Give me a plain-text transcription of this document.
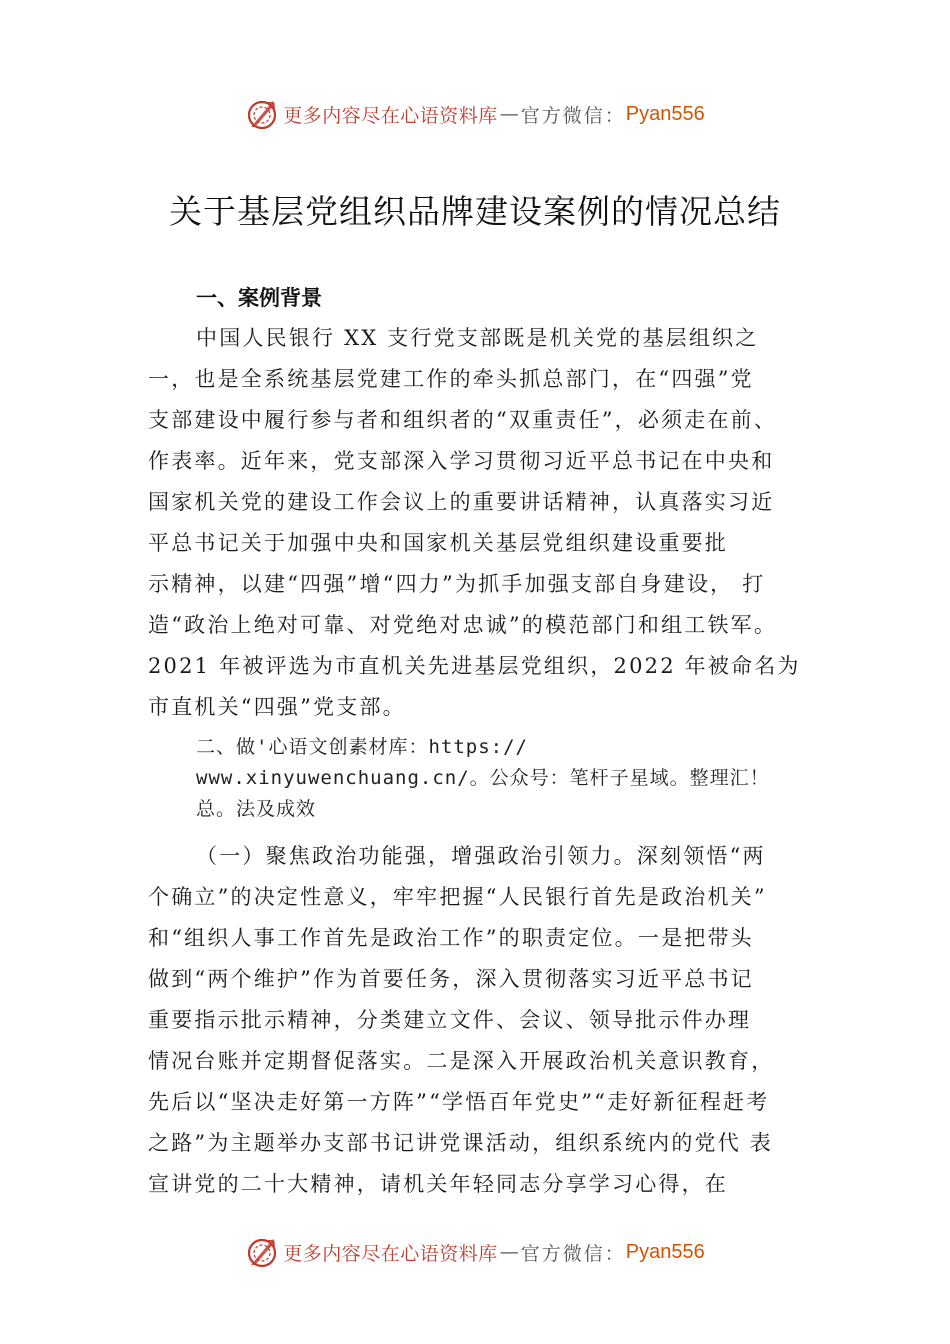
更多内容尽在心语资料库 — 官方微信： Pyan556
关于基层党组织品牌建设案例的情况总结
一、案例背景
中国人民银行 XX 支行党支部既是机关党的基层组织之
一，也是全系统基层党建工作的牵头抓总部门，在“四强”党
支部建设中履行参与者和组织者的“双重责任”，必须走在前、
作表率。近年来，党支部深入学习贯彻习近平总书记在中央和
国家机关党的建设工作会议上的重要讲话精神，认真落实习近
平总书记关于加强中央和国家机关基层党组织建设重要批
示精神，以建“四强”增“四力”为抓手加强支部自身建设， 打
造“政治上绝对可靠、对党绝对忠诚”的模范部门和组工铁军。
2021 年被评选为市直机关先进基层党组织，2022 年被命名为
市直机关“四强”党支部。
二、做'心语文创素材库：https://
www.xinyuwenchuang.cn/。公众号：笔杆子星域。整理汇！
总。法及成效
（一）聚焦政治功能强，增强政治引领力。深刻领悟“两
个确立”的决定性意义，牢牢把握“人民银行首先是政治机关”
和“组织人事工作首先是政治工作”的职责定位。一是把带头
做到“两个维护”作为首要任务，深入贯彻落实习近平总书记
重要指示批示精神，分类建立文件、会议、领导批示件办理
情况台账并定期督促落实。二是深入开展政治机关意识教育，
先后以“坚决走好第一方阵”“学悟百年党史”“走好新征程赶考
之路”为主题举办支部书记讲党课活动，组织系统内的党代 表
宣讲党的二十大精神，请机关年轻同志分享学习心得，在
更多内容尽在心语资料库 — 官方微信： Pyan556
